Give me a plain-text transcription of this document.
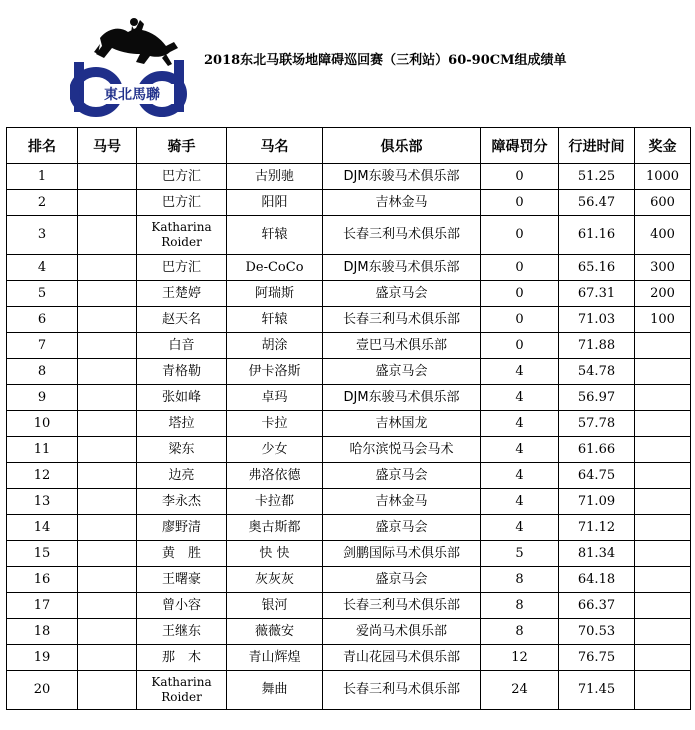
東北馬聯
2018东北马联场地障碍巡回赛（三利站）60-90CM组成绩单
排名	马号	骑手	马名	俱乐部	障碍罚分	行进时间	奖金
1		巴方汇	古别驰	DJM东骏马术俱乐部	0	51.25	1000
2		巴方汇	阳阳	吉林金马	0	56.47	600
3		Katharina Roider	轩辕	长春三利马术俱乐部	0	61.16	400
4		巴方汇	De-CoCo	DJM东骏马术俱乐部	0	65.16	300
5		王楚婷	阿瑞斯	盛京马会	0	67.31	200
6		赵天名	轩辕	长春三利马术俱乐部	0	71.03	100
7		白音	胡涂	壹巴马术俱乐部	0	71.88	
8		青格勒	伊卡洛斯	盛京马会	4	54.78	
9		张如峰	卓玛	DJM东骏马术俱乐部	4	56.97	
10		塔拉	卡拉	吉林国龙	4	57.78	
11		梁东	少女	哈尔滨悦马会马术	4	61.66	
12		边亮	弗洛依德	盛京马会	4	64.75	
13		李永杰	卡拉都	吉林金马	4	71.09	
14		廖野清	奥古斯都	盛京马会	4	71.12	
15		黄　胜	快 快	剑鹏国际马术俱乐部	5	81.34	
16		王曙豪	灰灰灰	盛京马会	8	64.18	
17		曾小容	银河	长春三利马术俱乐部	8	66.37	
18		王继东	薇薇安	爱尚马术俱乐部	8	70.53	
19		那　木	青山辉煌	青山花园马术俱乐部	12	76.75	
20		Katharina Roider	舞曲	长春三利马术俱乐部	24	71.45	
